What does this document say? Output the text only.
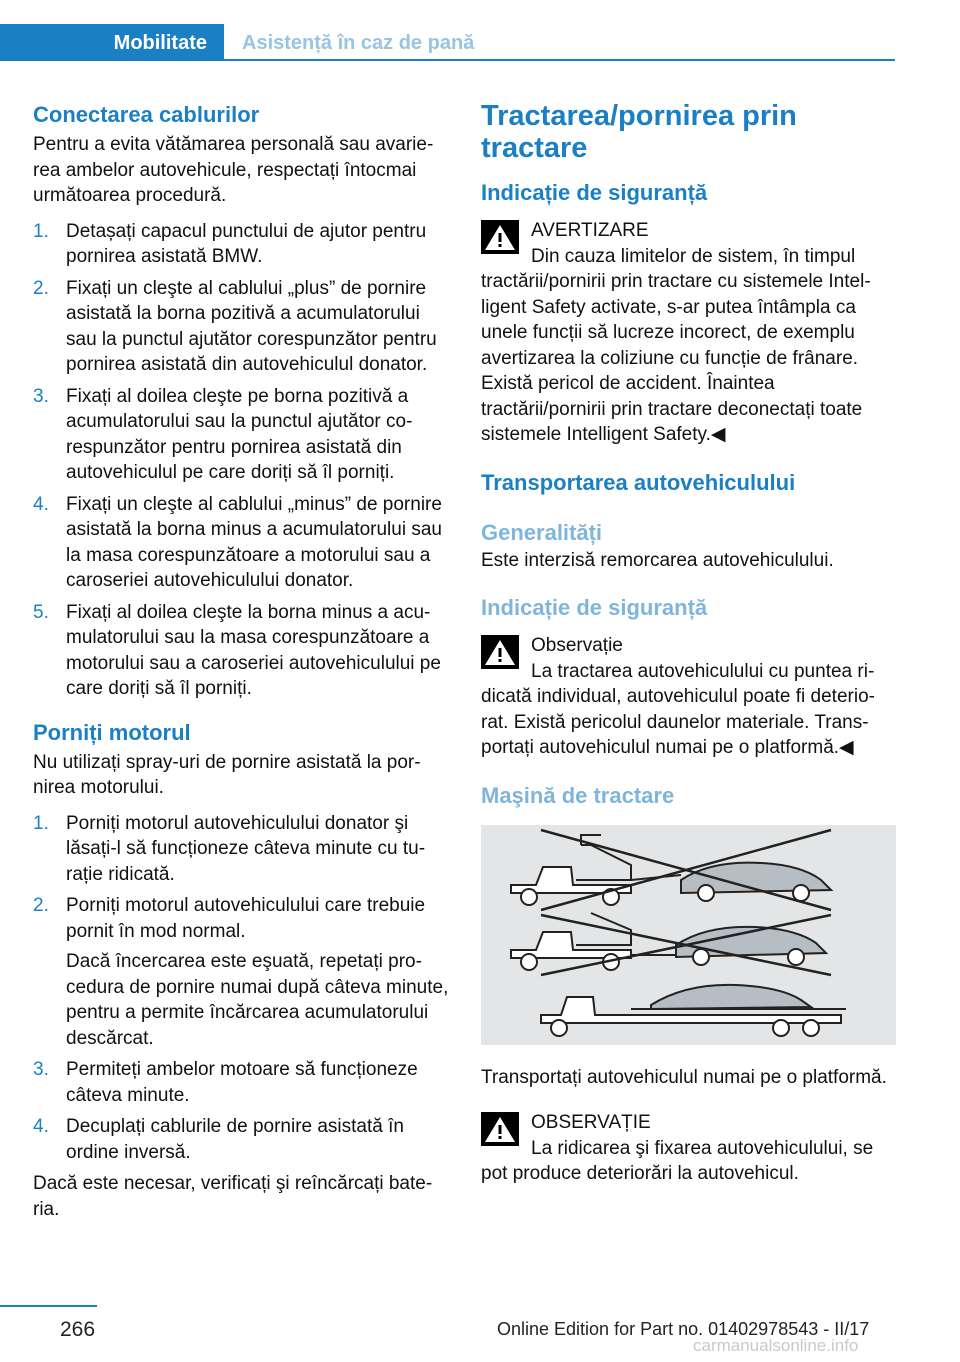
Mobilitate Asistență în caz de pană
Conectarea cablurilor

Pentru a evita vătămarea personală sau avarierea ambelor autovehicule, respectați întocmai următoarea procedură.

1. Detașați capacul punctului de ajutor pentru pornirea asistată BMW.
2. Fixați un cleşte al cablului „plus” de pornire asistată la borna pozitivă a acumulatorului sau la punctul ajutător corespunzător pentru pornirea asistată din autovehiculul donator.
3. Fixați al doilea cleşte pe borna pozitivă a acumulatorului sau la punctul ajutător corespunzător pentru pornirea asistată din autovehiculul pe care doriți să îl porniți.
4. Fixați un cleşte al cablului „minus” de pornire asistată la borna minus a acumulatorului sau la masa corespunzătoare a motorului sau a caroseriei autovehiculului donator.
5. Fixați al doilea cleşte la borna minus a acumulatorului sau la masa corespunzătoare a motorului sau a caroseriei autovehiculului pe care doriți să îl porniți.
Porniți motorul

Nu utilizați spray-uri de pornire asistată la pornirea motorului.

1. Porniți motorul autovehiculului donator şi lăsați-l să funcționeze câteva minute cu turație ridicată.
2. Porniți motorul autovehiculului care trebuie pornit în mod normal.
Dacă încercarea este eşuată, repetați procedura de pornire numai după câteva minute, pentru a permite încărcarea acumulatorului descărcat.
3. Permiteți ambelor motoare să funcționeze câteva minute.
4. Decuplați cablurile de pornire asistată în ordine inversă.

Dacă este necesar, verificați şi reîncărcați bateria.

Tractarea/pornirea prin tractare
Indicație de siguranță
AVERTIZARE
Din cauza limitelor de sistem, în timpul tractării/pornirii prin tractare cu sistemele Intelligent Safety activate, s-ar putea întâmpla ca unele funcții să lucreze incorect, de exemplu avertizarea la coliziune cu funcție de frânare. Există pericol de accident. Înaintea tractării/pornirii prin tractare deconectați toate sistemele Intelligent Safety.◀
Transportarea autovehiculului
Generalități

Este interzisă remorcarea autovehiculului.

Indicație de siguranță
Observație
La tractarea autovehiculului cu puntea ridicată individual, autovehiculul poate fi deteriorat. Există pericolul daunelor materiale. Transportați autovehiculul numai pe o platformă.◀
Maşină de tractare

Transportați autovehiculul numai pe o platformă.

OBSERVAȚIE
La ridicarea şi fixarea autovehiculului, se pot produce deteriorări la autovehicul.
266	Online Edition for Part no. 01402978543 - II/17
carmanualsonline.info
